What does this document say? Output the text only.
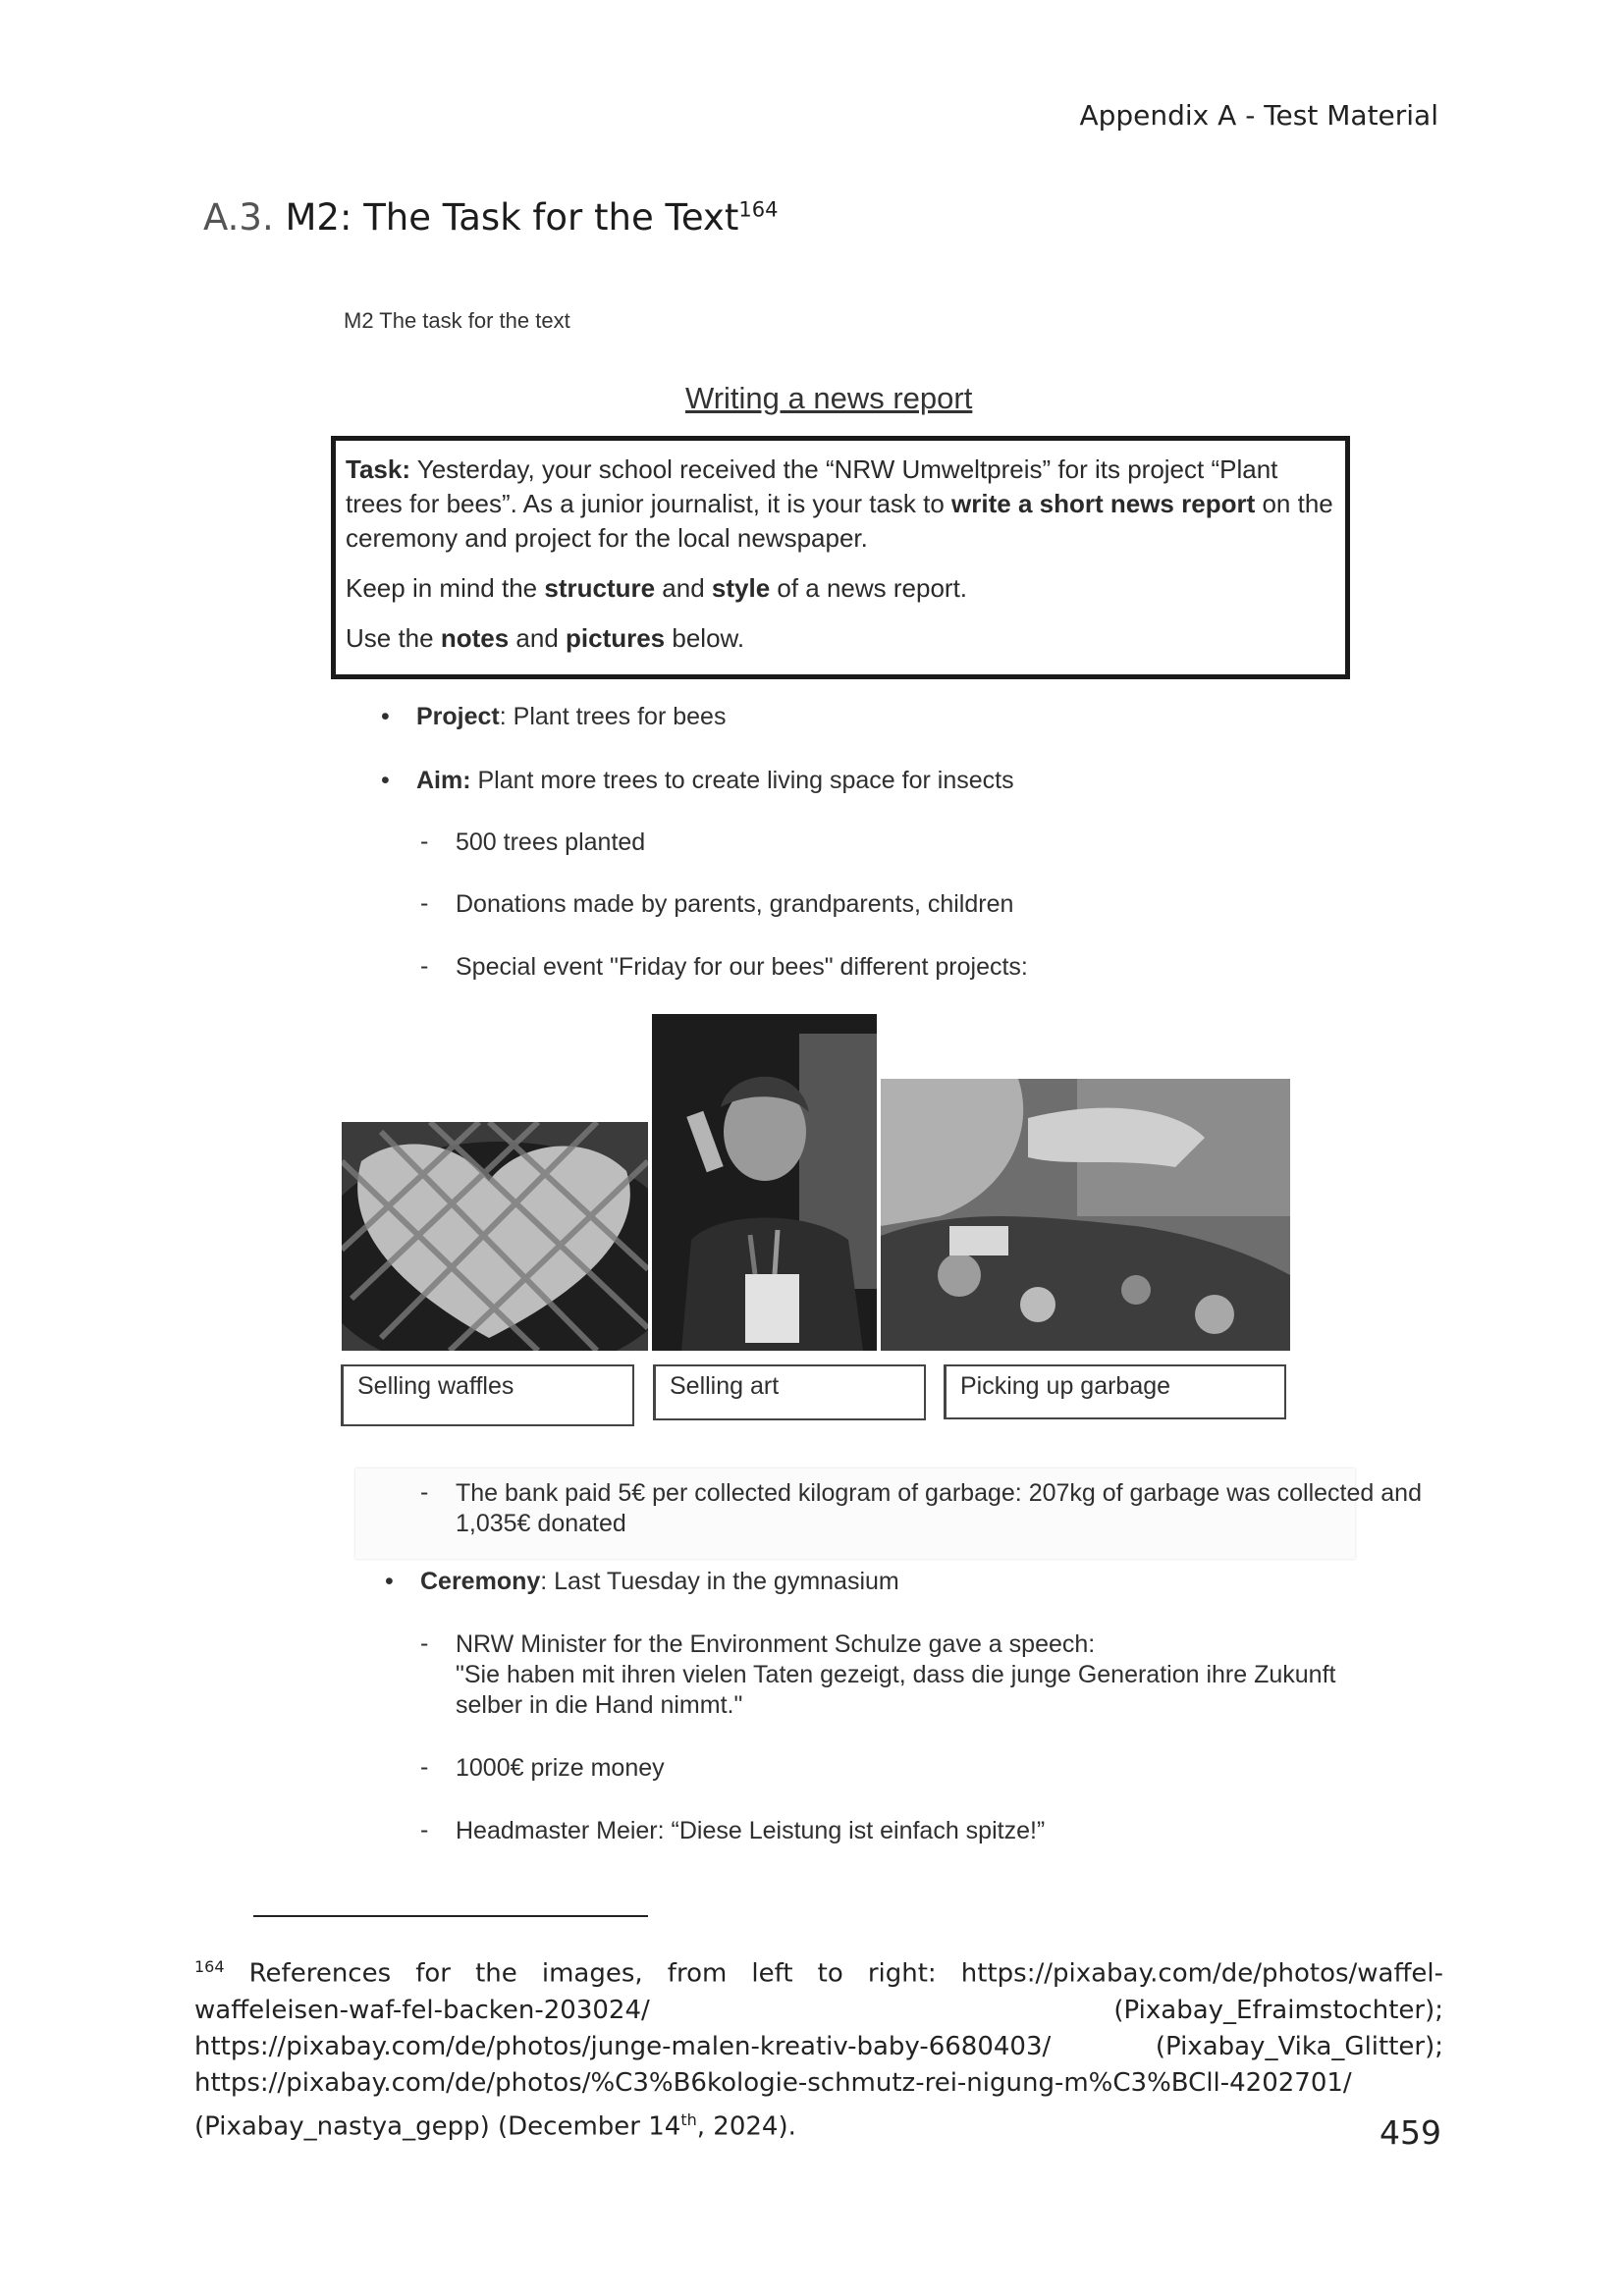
Appendix A - Test Material
A.3. M2: The Task for the Text$^{164}$
M2 The task for the text
Writing a news report

Task: Yesterday, your school received the “NRW Umweltpreis” for its project “Plant trees for bees”. As a junior journalist, it is your task to write a short news report on the ceremony and project for the local newspaper.

Keep in mind the structure and style of a news report.

Use the notes and pictures below.

• Project: Plant trees for bees
• Aim: Plant more trees to create living space for insects
- 500 trees planted
- Donations made by parents, grandparents, children
- Special event "Friday for our bees" different projects:
Selling waffles	Selling art	Picking up garbage
- The bank paid 5€ per collected kilogram of garbage: 207kg of garbage was collected and
1,035€ donated
• Ceremony: Last Tuesday in the gymnasium
- NRW Minister for the Environment Schulze gave a speech:
"Sie haben mit ihren vielen Taten gezeigt, dass die junge Generation ihre Zukunft
selber in die Hand nimmt."
- 1000€ prize money
- Headmaster Meier: “Diese Leistung ist einfach spitze!”
$^{164}$ References for the images, from left to right: https://pixabay.com/de/photos/waffel-waffeleisen-waf-fel-backen-203024/ (Pixabay_Efraimstochter); https://pixabay.com/de/photos/junge-malen-kreativ-baby-6680403/ (Pixabay_Vika_Glitter); https://pixabay.com/de/photos/%C3%B6kologie-schmutz-rei-nigung-m%C3%BCll-4202701/ (Pixabay_nastya_gepp) (December 14th, 2024).	459
